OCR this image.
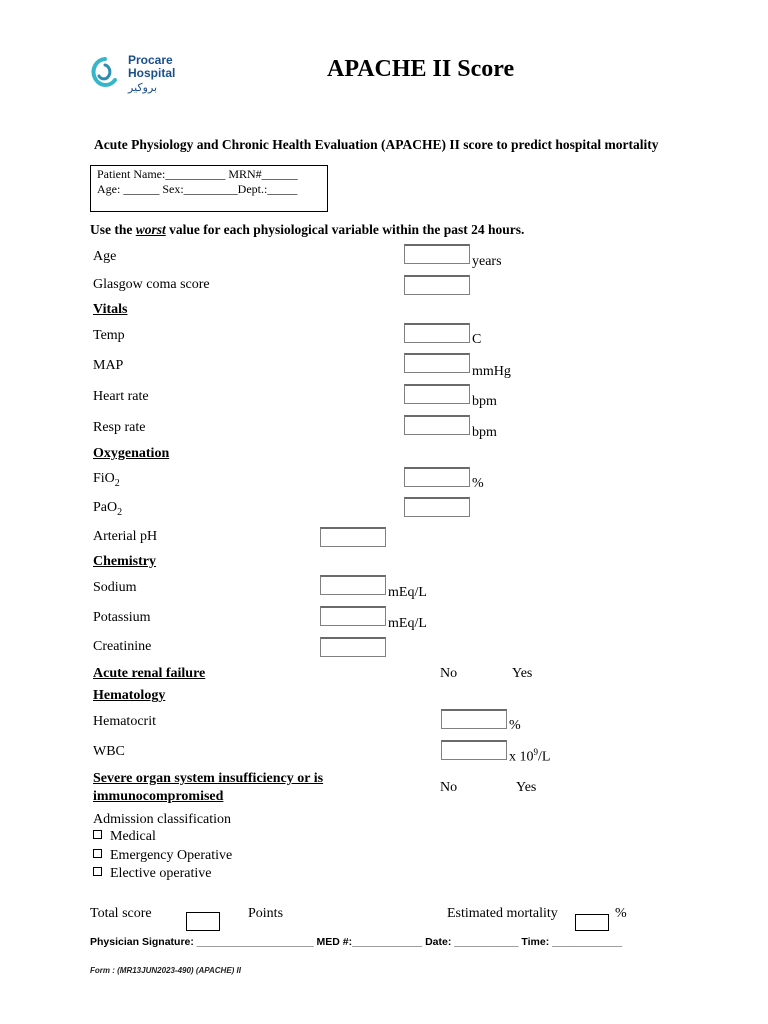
Procare
Hospital
بروكير
APACHE II Score
Acute Physiology and Chronic Health Evaluation (APACHE) II score to predict hospital mortality
Patient Name:__________ MRN#______
Age: ______ Sex:_________Dept.:_____
Use the worst value for each physiological variable within the past 24 hours.
Age	years
Glasgow coma score
Vitals
Temp	C
MAP	mmHg
Heart rate	bpm
Resp rate	bpm
Oxygenation
FiO$_2$	%
PaO$_2$
Arterial pH
Chemistry
Sodium	mEq/L
Potassium	mEq/L
Creatinine
Acute renal failure	No	Yes
Hematology
Hematocrit	%
WBC	x $10^9/L$
Severe organ system insufficiency or is
immunocompromised
No	Yes
Admission classification
Medical
Emergency Operative
Elective operative
Total score	Points	Estimated mortality	%
Physician Signature: ____________________ MED #:____________ Date: ___________ Time: ____________
Form : (MR13JUN2023-490) (APACHE) II
